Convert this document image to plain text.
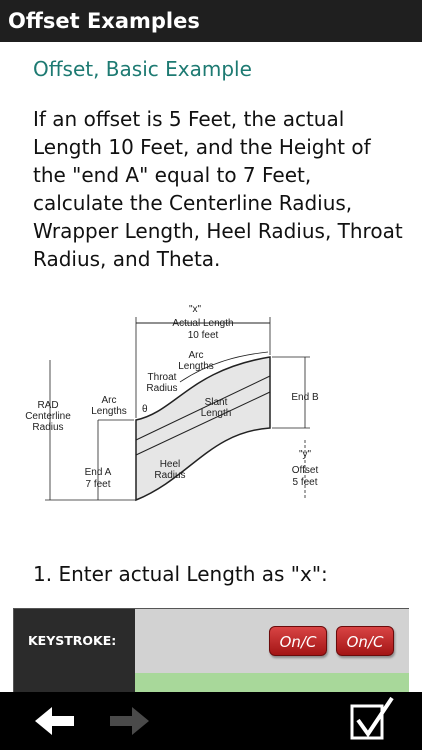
Offset Examples
Offset, Basic Example
If an offset is 5 Feet, the actual Length 10 Feet, and the Height of the "end A" equal to 7 Feet, calculate the Centerline Radius, Wrapper Length, Heel Radius, Throat Radius, and Theta.
"x"
Actual Length
10 feet
Arc
Lengths
Throat
Radius
RAD
Centerline
Radius
Arc
Lengths θ
Slant
Length
End B
"y"
Offset
5 feet
Heel
Radius
End A
7 feet
1. Enter actual Length as "x":
KEYSTROKE:	On/C	On/C
